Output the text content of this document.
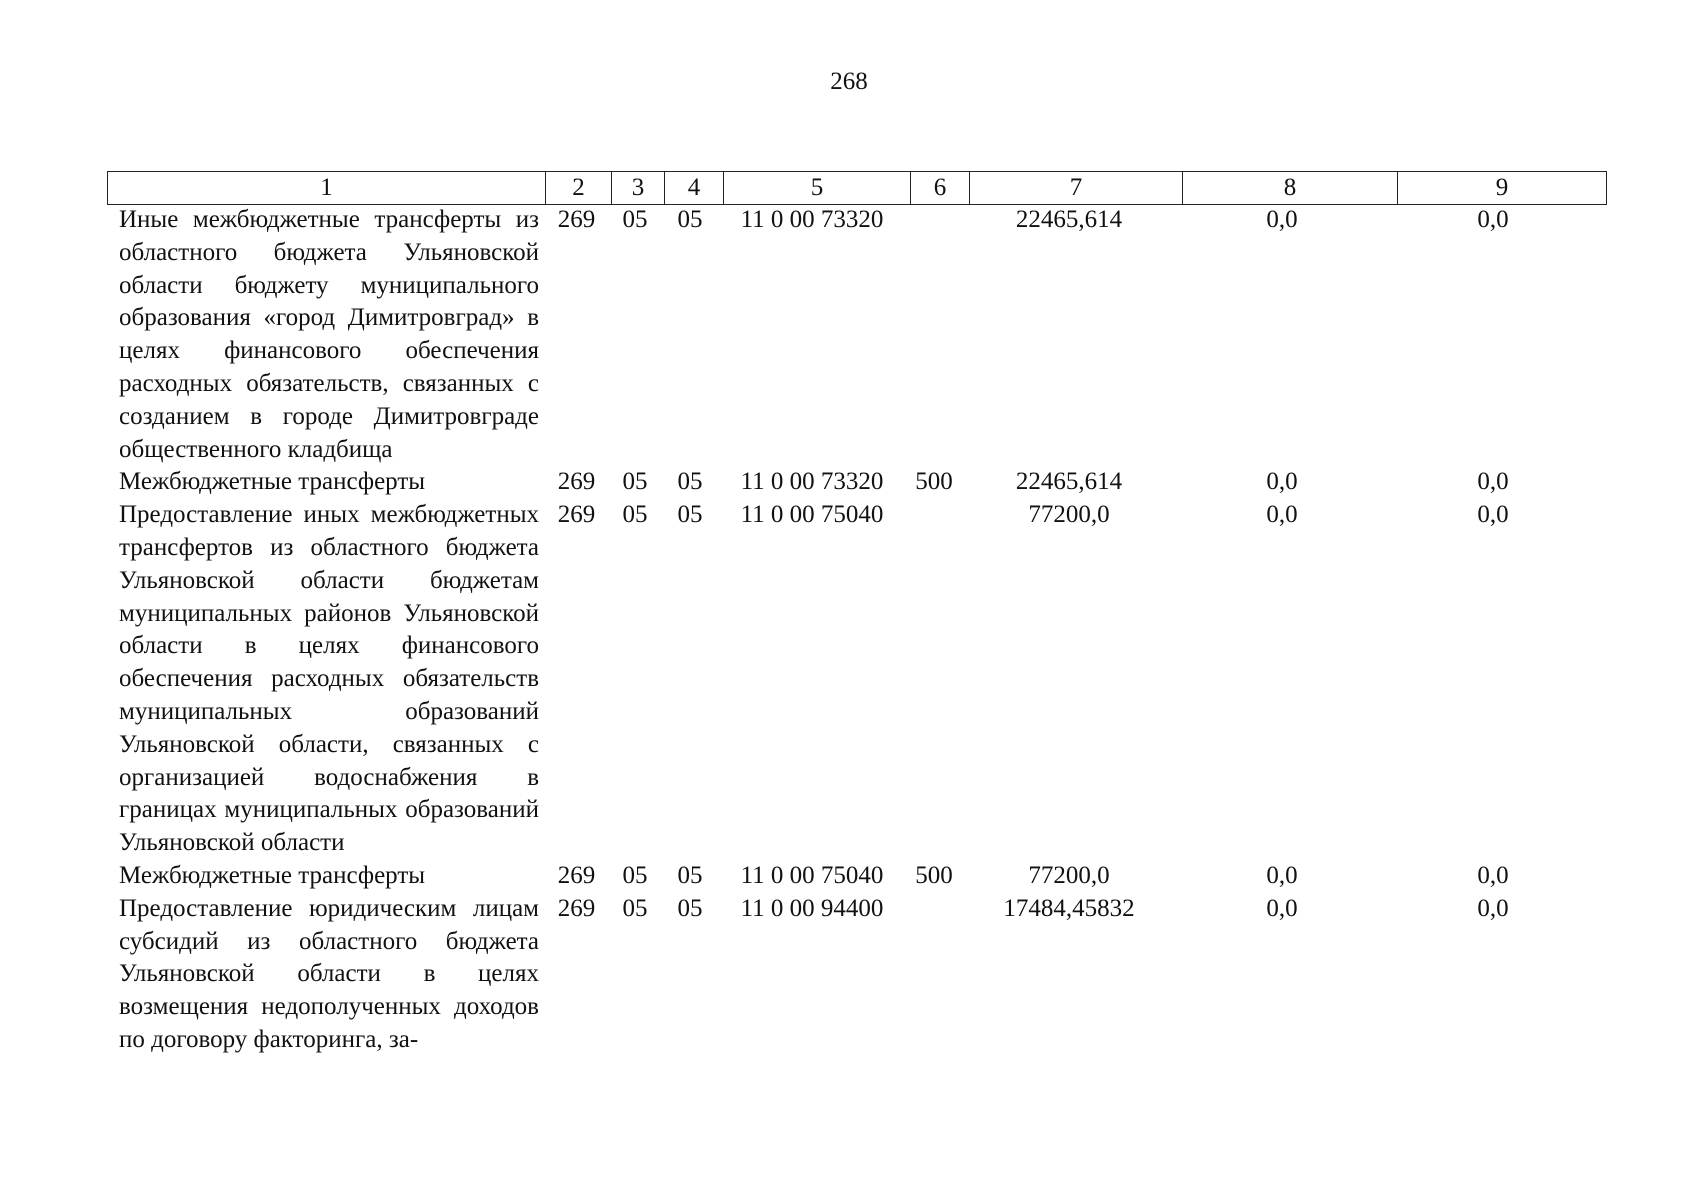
268
1	2	3	4	5	6	7	8	9
Иные межбюджетные трансферты из областного бюджета Ульяновской области бюджету муниципального образования «город Димитровград» в целях финансового обеспечения расходных обязательств, связанных с созданием в городе Димитровграде общественного кладбища	269	05	05	11 0 00 73320		22465,614	0,0	0,0

Межбюджетные трансферты	269	05	05	11 0 00 73320	500	22465,614	0,0	0,0

Предоставление иных межбюджетных трансфертов из областного бюджета Ульяновской области бюджетам муниципальных районов Ульяновской области в целях финансового обеспечения расходных обязательств муниципальных образований Ульяновской области, связанных с организацией водоснабжения в границах муниципальных образований Ульяновской области	269	05	05	11 0 00 75040		77200,0	0,0	0,0

Межбюджетные трансферты	269	05	05	11 0 00 75040	500	77200,0	0,0	0,0

Предоставление юридическим лицам субсидий из областного бюджета Ульяновской области в целях возмещения недополученных доходов по договору факторинга, за-	269	05	05	11 0 00 94400		17484,45832	0,0	0,0
